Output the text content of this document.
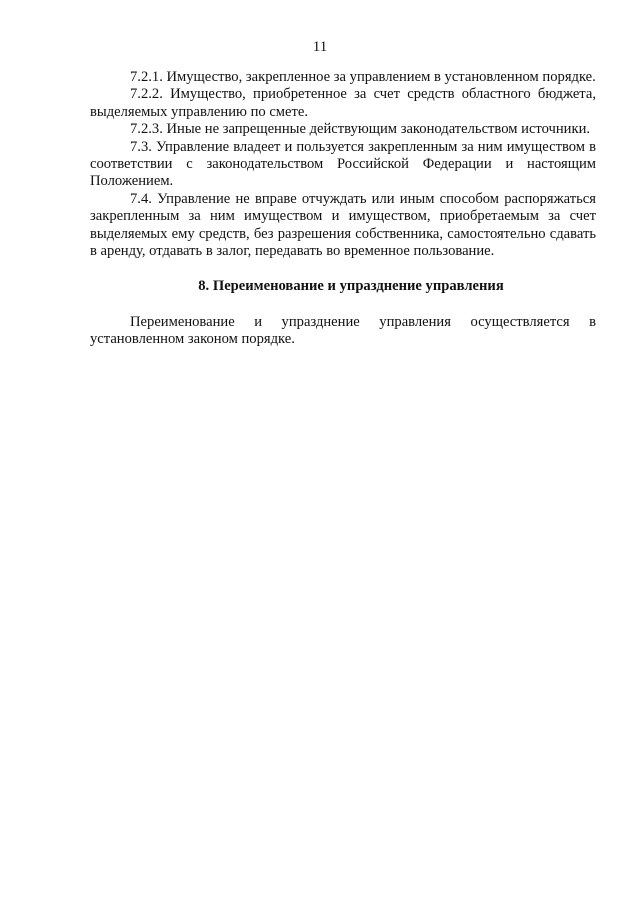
11

7.2.1. Имущество, закрепленное за управлением в установленном порядке.

7.2.2. Имущество, приобретенное за счет средств областного бюджета, выделяемых управлению по смете.

7.2.3. Иные не запрещенные действующим законодательством источники.

7.3. Управление владеет и пользуется закрепленным за ним имуществом в соответствии с законодательством Российской Федерации и настоящим Положением.

7.4. Управление не вправе отчуждать или иным способом распоряжаться закрепленным за ним имуществом и имуществом, приобретаемым за счет выделяемых ему средств, без разрешения собственника, самостоятельно сдавать в аренду, отдавать в залог, передавать во временное пользование.

8. Переименование и упразднение управления

Переименование и упразднение управления осуществляется в установленном законом порядке.
